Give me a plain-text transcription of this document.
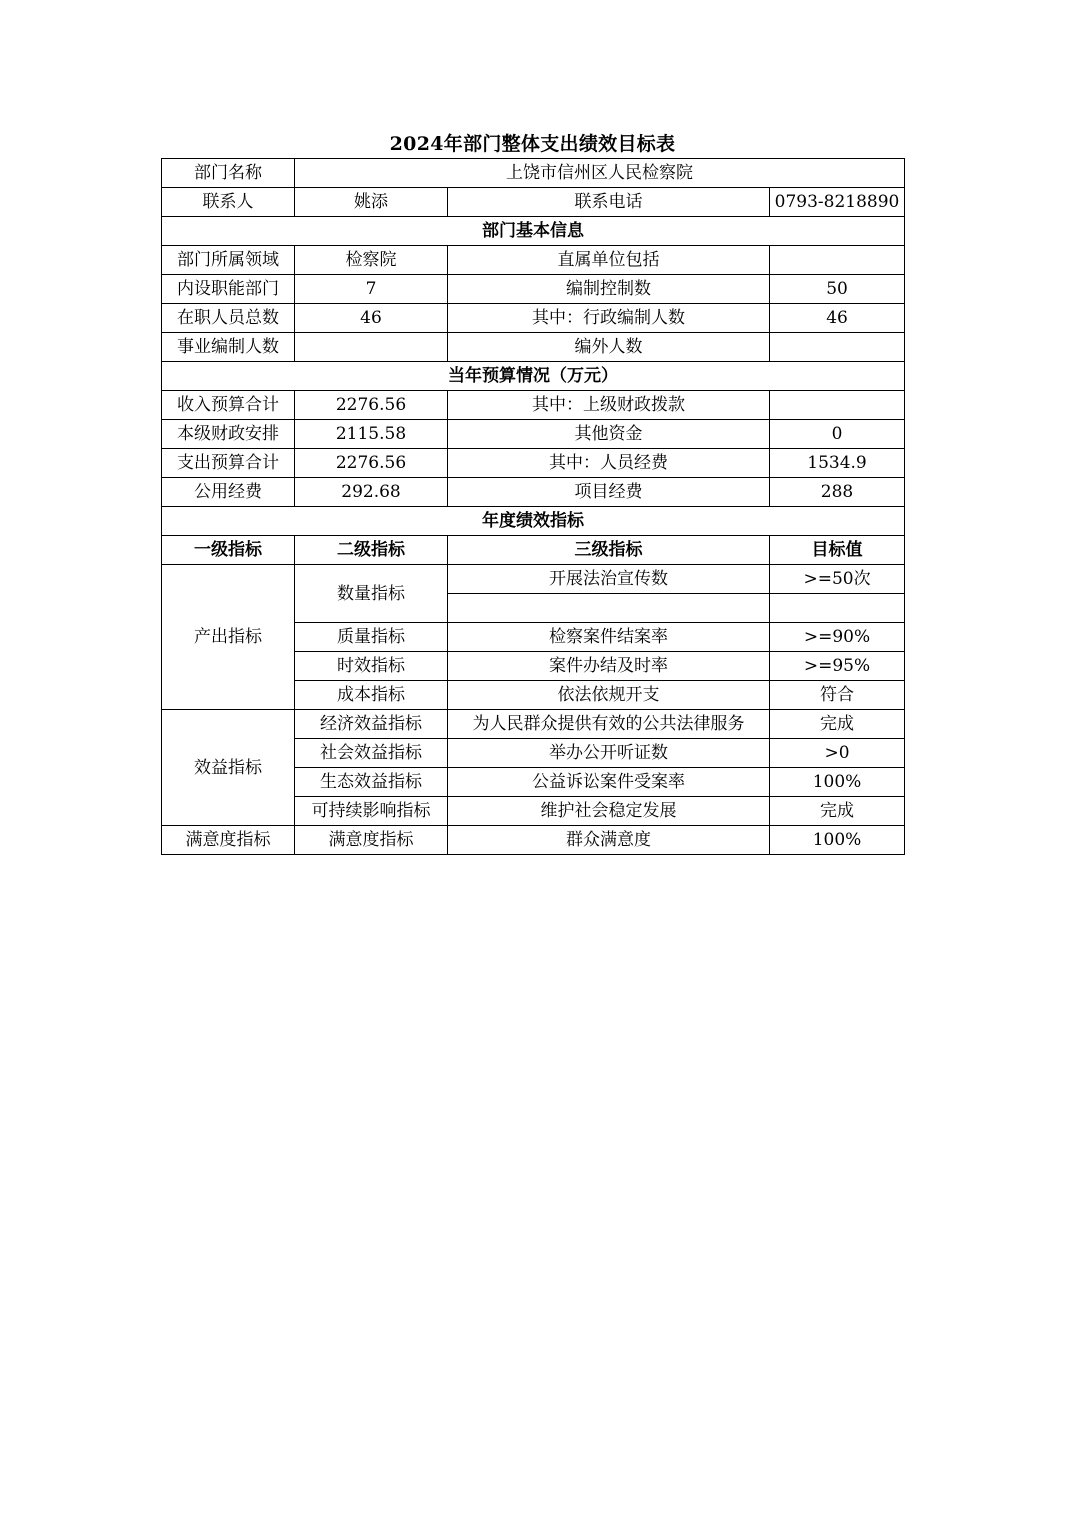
2024年部门整体支出绩效目标表
部门名称	上饶市信州区人民检察院		
联系人	姚添	联系电话	0793-8218890
部门基本信息			
部门所属领域	检察院	直属单位包括	
内设职能部门	7	编制控制数	50
在职人员总数	46	其中：行政编制人数	46
事业编制人数		编外人数	
当年预算情况（万元）			
收入预算合计	2276.56	其中：上级财政拨款	
本级财政安排	2115.58	其他资金	0
支出预算合计	2276.56	其中：人员经费	1534.9
公用经费	292.68	项目经费	288
年度绩效指标			
一级指标	二级指标	三级指标	目标值
产出指标	数量指标	开展法治宣传数	>=50次

	质量指标	检察案件结案率	>=90%
	时效指标	案件办结及时率	>=95%
	成本指标	依法依规开支	符合
效益指标	经济效益指标	为人民群众提供有效的公共法律服务	完成
	社会效益指标	举办公开听证数	>0
	生态效益指标	公益诉讼案件受案率	100%
	可持续影响指标	维护社会稳定发展	完成
满意度指标	满意度指标	群众满意度	100%
